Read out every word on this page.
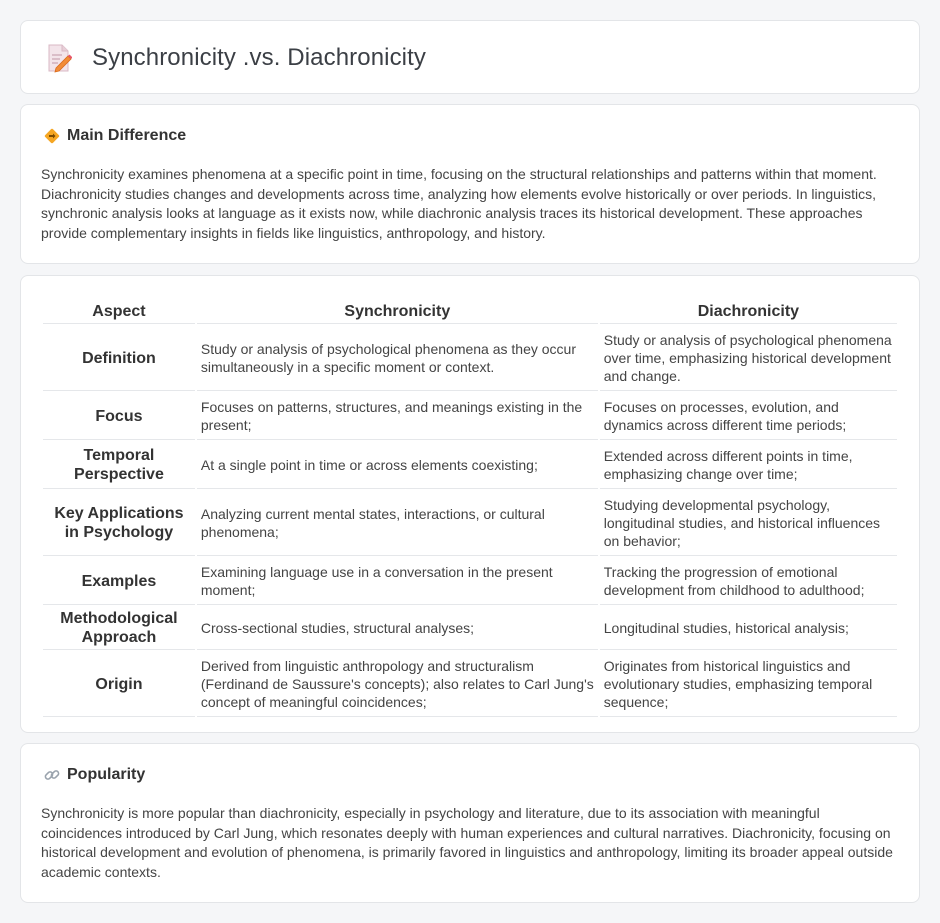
Synchronicity .vs. Diachronicity
Main Difference

Synchronicity examines phenomena at a specific point in time, focusing on the structural relationships and patterns within that moment. Diachronicity studies changes and developments across time, analyzing how elements evolve historically or over periods. In linguistics, synchronic analysis looks at language as it exists now, while diachronic analysis traces its historical development. These approaches provide complementary insights in fields like linguistics, anthropology, and history.

Aspect	Synchronicity	Diachronicity
Definition	Study or analysis of psychological phenomena as they occur simultaneously in a specific moment or context.	Study or analysis of psychological phenomena over time, emphasizing historical development and change.
Focus	Focuses on patterns, structures, and meanings existing in the present;	Focuses on processes, evolution, and dynamics across different time periods;
Temporal Perspective	At a single point in time or across elements coexisting;	Extended across different points in time, emphasizing change over time;
Key Applications in Psychology	Analyzing current mental states, interactions, or cultural phenomena;	Studying developmental psychology, longitudinal studies, and historical influences on behavior;
Examples	Examining language use in a conversation in the present moment;	Tracking the progression of emotional development from childhood to adulthood;
Methodological Approach	Cross-sectional studies, structural analyses;	Longitudinal studies, historical analysis;
Origin	Derived from linguistic anthropology and structuralism (Ferdinand de Saussure's concepts); also relates to Carl Jung's concept of meaningful coincidences;	Originates from historical linguistics and evolutionary studies, emphasizing temporal sequence;
Popularity

Synchronicity is more popular than diachronicity, especially in psychology and literature, due to its association with meaningful coincidences introduced by Carl Jung, which resonates deeply with human experiences and cultural narratives. Diachronicity, focusing on historical development and evolution of phenomena, is primarily favored in linguistics and anthropology, limiting its broader appeal outside academic contexts.
